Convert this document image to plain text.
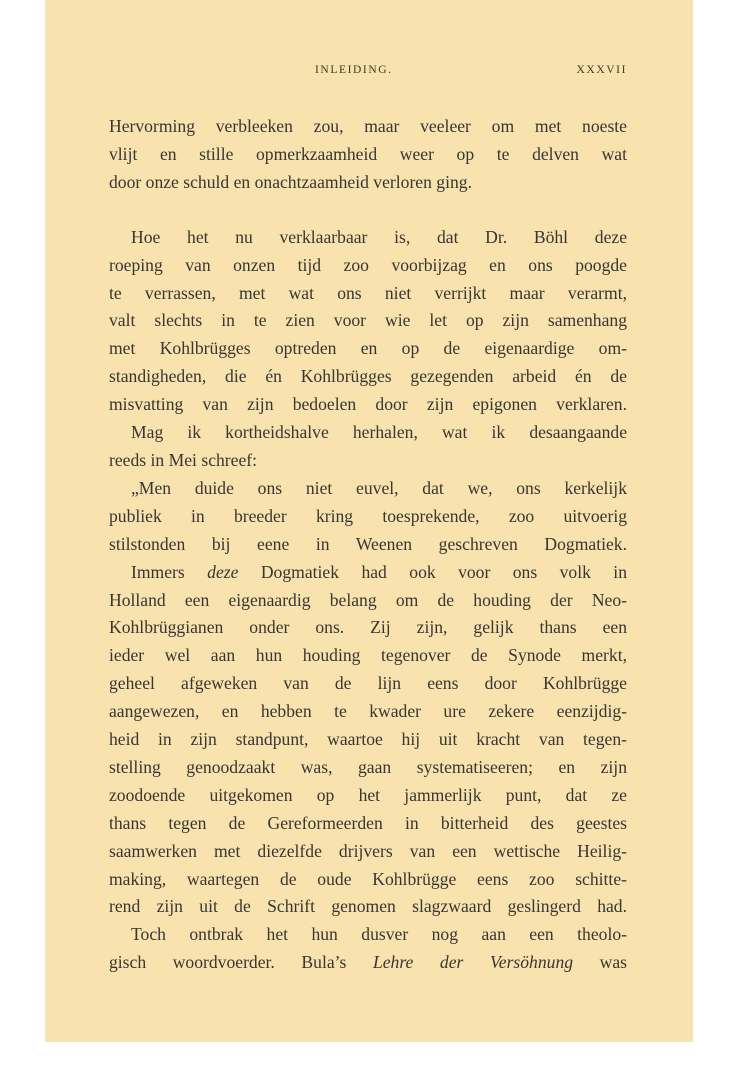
INLEIDING.	XXXVII

Hervorming verbleeken zou, maar veeleer om met noeste
vlijt en stille opmerkzaamheid weer op te delven wat
door onze schuld en onachtzaamheid verloren ging.

Hoe het nu verklaarbaar is, dat Dr. Böhl deze
roeping van onzen tijd zoo voorbijzag en ons poogde
te verrassen, met wat ons niet verrijkt maar verarmt,
valt slechts in te zien voor wie let op zijn samenhang
met Kohlbrügges optreden en op de eigenaardige om-
standigheden, die én Kohlbrügges gezegenden arbeid én de
misvatting van zijn bedoelen door zijn epigonen verklaren.

Mag ik kortheidshalve herhalen, wat ik desaangaande
reeds in Mei schreef:

„Men duide ons niet euvel, dat we, ons kerkelijk
publiek in breeder kring toesprekende, zoo uitvoerig
stilstonden bij eene in Weenen geschreven Dogmatiek.

Immers deze Dogmatiek had ook voor ons volk in
Holland een eigenaardig belang om de houding der Neo-
Kohlbrüggianen onder ons. Zij zijn, gelijk thans een
ieder wel aan hun houding tegenover de Synode merkt,
geheel afgeweken van de lijn eens door Kohlbrügge
aangewezen, en hebben te kwader ure zekere eenzijdig-
heid in zijn standpunt, waartoe hij uit kracht van tegen-
stelling genoodzaakt was, gaan systematiseeren; en zijn
zoodoende uitgekomen op het jammerlijk punt, dat ze
thans tegen de Gereformeerden in bitterheid des geestes
saamwerken met diezelfde drijvers van een wettische Heilig-
making, waartegen de oude Kohlbrügge eens zoo schitte-
rend zijn uit de Schrift genomen slagzwaard geslingerd had.

Toch ontbrak het hun dusver nog aan een theolo-
gisch woordvoerder. Bula’s Lehre der Versöhnung was
